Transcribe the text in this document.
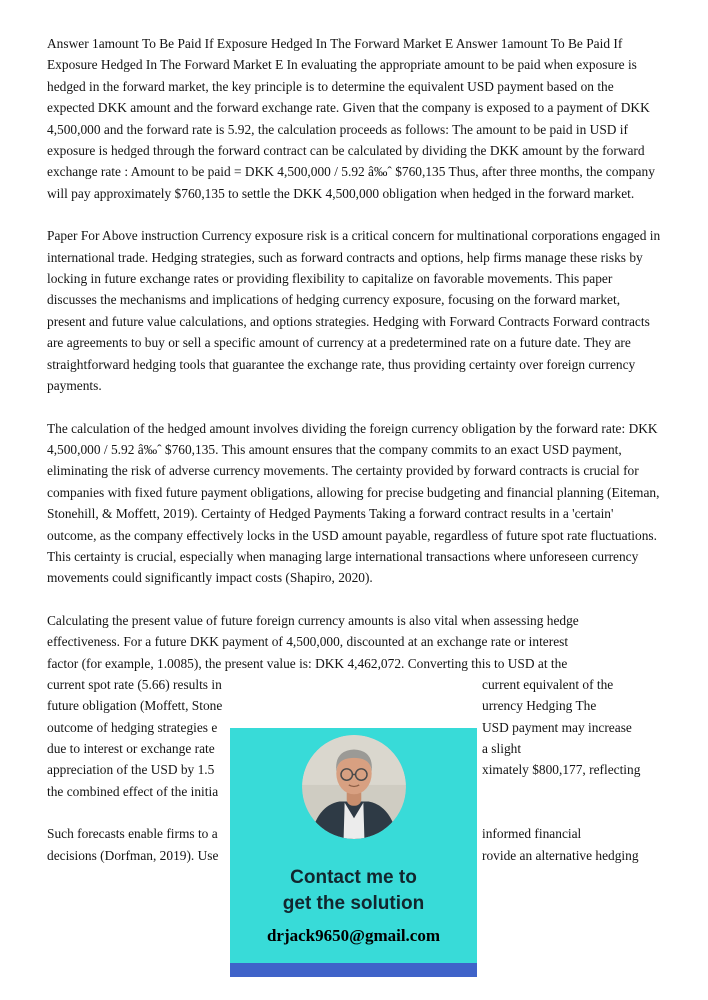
Answer 1amount To Be Paid If Exposure Hedged In The Forward Market E Answer 1amount To Be Paid If Exposure Hedged In The Forward Market E In evaluating the appropriate amount to be paid when exposure is hedged in the forward market, the key principle is to determine the equivalent USD payment based on the expected DKK amount and the forward exchange rate. Given that the company is exposed to a payment of DKK 4,500,000 and the forward rate is 5.92, the calculation proceeds as follows: The amount to be paid in USD if exposure is hedged through the forward contract can be calculated by dividing the DKK amount by the forward exchange rate : Amount to be paid = DKK 4,500,000 / 5.92 â‰ˆ $760,135 Thus, after three months, the company will pay approximately $760,135 to settle the DKK 4,500,000 obligation when hedged in the forward market.
Paper For Above instruction Currency exposure risk is a critical concern for multinational corporations engaged in international trade. Hedging strategies, such as forward contracts and options, help firms manage these risks by locking in future exchange rates or providing flexibility to capitalize on favorable movements. This paper discusses the mechanisms and implications of hedging currency exposure, focusing on the forward market, present and future value calculations, and options strategies. Hedging with Forward Contracts Forward contracts are agreements to buy or sell a specific amount of currency at a predetermined rate on a future date. They are straightforward hedging tools that guarantee the exchange rate, thus providing certainty over foreign currency payments.
The calculation of the hedged amount involves dividing the foreign currency obligation by the forward rate: DKK 4,500,000 / 5.92 â‰ˆ $760,135. This amount ensures that the company commits to an exact USD payment, eliminating the risk of adverse currency movements. The certainty provided by forward contracts is crucial for companies with fixed future payment obligations, allowing for precise budgeting and financial planning (Eiteman, Stonehill, & Moffett, 2019). Certainty of Hedged Payments Taking a forward contract results in a 'certain' outcome, as the company effectively locks in the USD amount payable, regardless of future spot rate fluctuations. This certainty is crucial, especially when managing large international transactions where unforeseen currency movements could significantly impact costs (Shapiro, 2020).
Calculating the present value of future foreign currency amounts is also vital when assessing hedge
effectiveness. For a future DKK payment of 4,500,000, discounted at an exchange rate or interest
factor (for example, 1.0085), the present value is: DKK 4,462,072. Converting this to USD at the
current spot rate (5.66) results in	current equivalent of the
future obligation (Moffett, Stone	urrency Hedging The
outcome of hedging strategies e	USD payment may increase
due to interest or exchange rate	a slight
appreciation of the USD by 1.5	ximately $800,177, reflecting
the combined effect of the initia
Such forecasts enable firms to a	informed financial
decisions (Dorfman, 2019). Use	rovide an alternative hedging
Contact me to
get the solution
drjack9650@gmail.com
